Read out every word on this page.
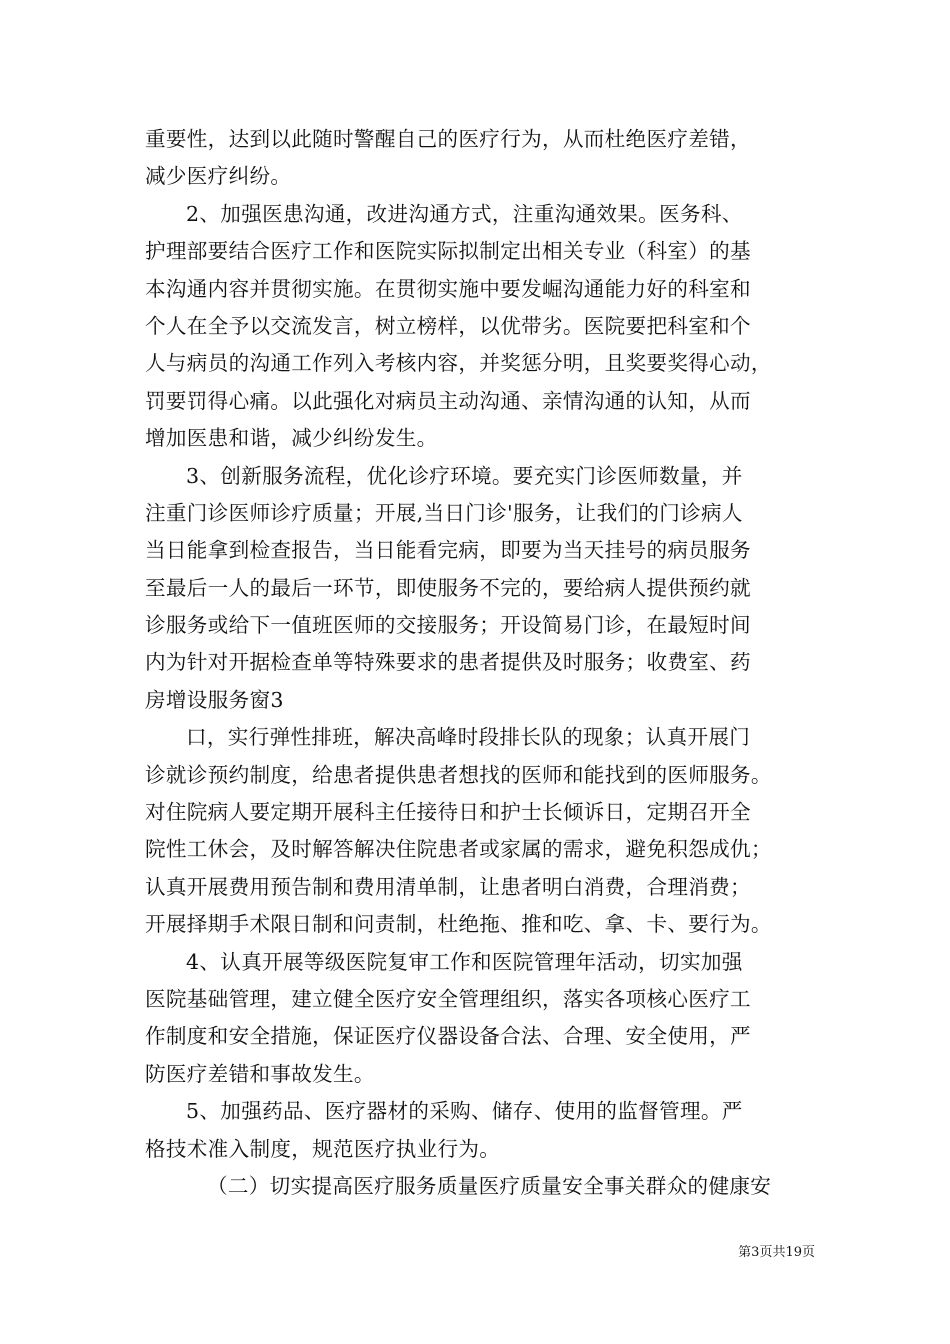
重要性，达到以此随时警醒自己的医疗行为，从而杜绝医疗差错，
减少医疗纠纷。
2、加强医患沟通，改进沟通方式，注重沟通效果。医务科、
护理部要结合医疗工作和医院实际拟制定出相关专业（科室）的基
本沟通内容并贯彻实施。在贯彻实施中要发崛沟通能力好的科室和
个人在全予以交流发言，树立榜样，以优带劣。医院要把科室和个
人与病员的沟通工作列入考核内容，并奖惩分明，且奖要奖得心动，
罚要罚得心痛。以此强化对病员主动沟通、亲情沟通的认知，从而
增加医患和谐，减少纠纷发生。
3、创新服务流程，优化诊疗环境。要充实门诊医师数量，并
注重门诊医师诊疗质量；开展,当日门诊'服务，让我们的门诊病人
当日能拿到检查报告，当日能看完病，即要为当天挂号的病员服务
至最后一人的最后一环节，即使服务不完的，要给病人提供预约就
诊服务或给下一值班医师的交接服务；开设简易门诊，在最短时间
内为针对开据检查单等特殊要求的患者提供及时服务；收费室、药
房增设服务窗3
口，实行弹性排班，解决高峰时段排长队的现象；认真开展门
诊就诊预约制度，给患者提供患者想找的医师和能找到的医师服务。
对住院病人要定期开展科主任接待日和护士长倾诉日，定期召开全
院性工休会，及时解答解决住院患者或家属的需求，避免积怨成仇；
认真开展费用预告制和费用清单制，让患者明白消费，合理消费；
开展择期手术限日制和问责制，杜绝拖、推和吃、拿、卡、要行为。
4、认真开展等级医院复审工作和医院管理年活动，切实加强
医院基础管理，建立健全医疗安全管理组织，落实各项核心医疗工
作制度和安全措施，保证医疗仪器设备合法、合理、安全使用，严
防医疗差错和事故发生。
5、加强药品、医疗器材的采购、储存、使用的监督管理。严
格技术准入制度，规范医疗执业行为。
（二）切实提高医疗服务质量医疗质量安全事关群众的健康安
第3页共19页
